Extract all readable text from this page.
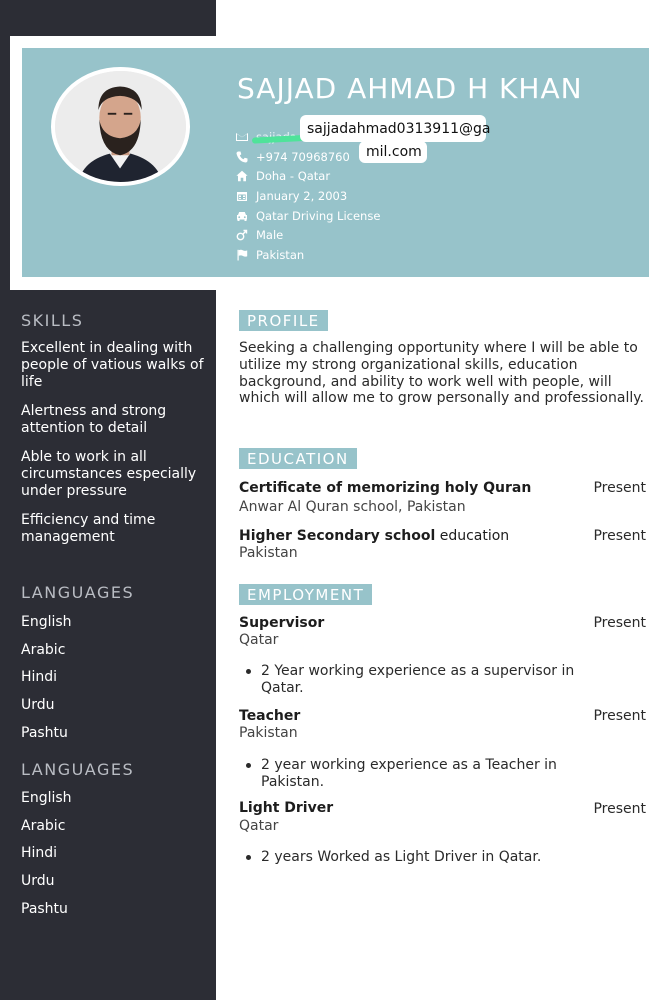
SAJJAD AHMAD H KHAN
+974 70968760
Doha - Qatar
January 2, 2003
Qatar Driving License
Male
Pakistan
sajjadahmad0313911@ga
mil.com
SKILLS
Excellent in dealing with people of vatious walks of life
Alertness and strong attention to detail
Able to work in all circumstances especially under pressure
Efficiency and time management
LANGUAGES
English
Arabic
Hindi
Urdu
Pashtu
LANGUAGES
English
Arabic
Hindi
Urdu
Pashtu
PROFILE

Seeking a challenging opportunity where I will be able to utilize my strong organizational skills, education background, and ability to work well with people, will which will allow me to grow personally and professionally.

EDUCATION
Certificate of memorizing holy Quran	Present
Anwar Al Quran school, Pakistan
Higher Secondary school education	Present
Pakistan
EMPLOYMENT
Supervisor	Present
Qatar
2 Year working experience as a supervisor in Qatar.
Teacher	Present
Pakistan
2 year working experience as a Teacher in Pakistan.
Light Driver	Present
Qatar
2 years Worked as Light Driver in Qatar.
